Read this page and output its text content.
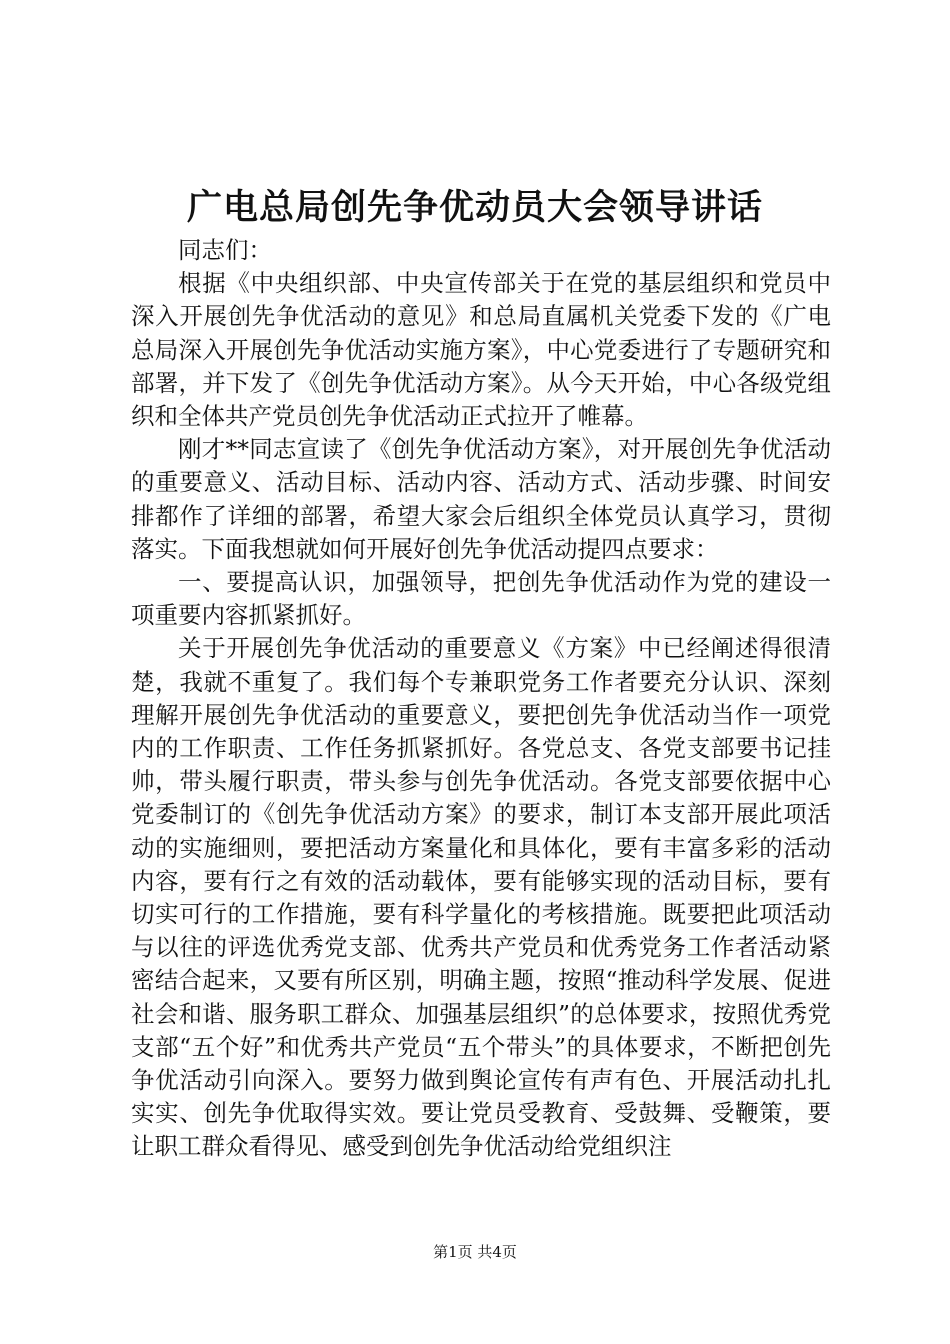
广电总局创先争优动员大会领导讲话

同志们：

根据《中央组织部、中央宣传部关于在党的基层组织和党员中深入开展创先争优活动的意见》和总局直属机关党委下发的《广电总局深入开展创先争优活动实施方案》，中心党委进行了专题研究和部署，并下发了《创先争优活动方案》。从今天开始，中心各级党组织和全体共产党员创先争优活动正式拉开了帷幕。

刚才**同志宣读了《创先争优活动方案》，对开展创先争优活动的重要意义、活动目标、活动内容、活动方式、活动步骤、时间安排都作了详细的部署，希望大家会后组织全体党员认真学习，贯彻落实。下面我想就如何开展好创先争优活动提四点要求：

一、要提高认识，加强领导，把创先争优活动作为党的建设一项重要内容抓紧抓好。

关于开展创先争优活动的重要意义《方案》中已经阐述得很清楚，我就不重复了。我们每个专兼职党务工作者要充分认识、深刻理解开展创先争优活动的重要意义，要把创先争优活动当作一项党内的工作职责、工作任务抓紧抓好。各党总支、各党支部要书记挂帅，带头履行职责，带头参与创先争优活动。各党支部要依据中心党委制订的《创先争优活动方案》的要求，制订本支部开展此项活动的实施细则，要把活动方案量化和具体化，要有丰富多彩的活动内容，要有行之有效的活动载体，要有能够实现的活动目标，要有切实可行的工作措施，要有科学量化的考核措施。既要把此项活动与以往的评选优秀党支部、优秀共产党员和优秀党务工作者活动紧密结合起来，又要有所区别，明确主题，按照“推动科学发展、促进社会和谐、服务职工群众、加强基层组织”的总体要求，按照优秀党支部“五个好”和优秀共产党员“五个带头”的具体要求，不断把创先争优活动引向深入。要努力做到舆论宣传有声有色、开展活动扎扎实实、创先争优取得实效。要让党员受教育、受鼓舞、受鞭策，要让职工群众看得见、感受到创先争优活动给党组织注

第1页 共4页
